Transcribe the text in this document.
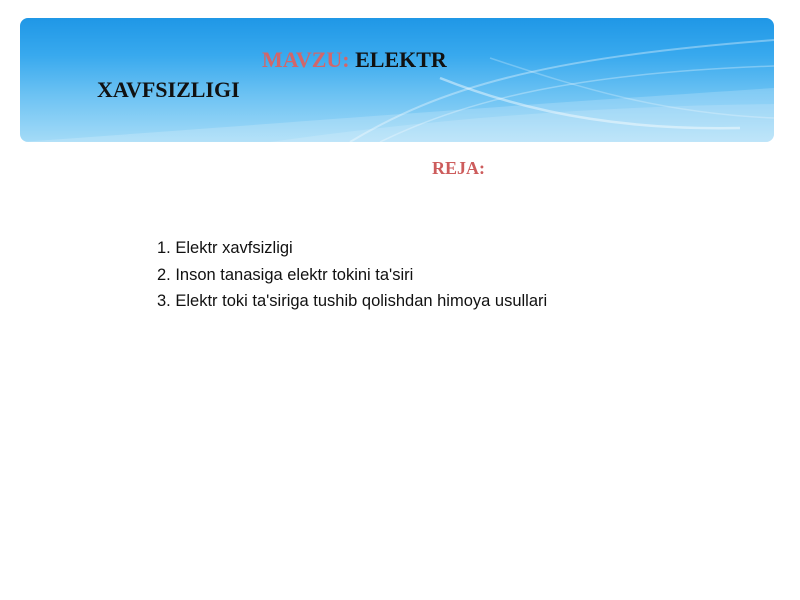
MAVZU: ELEKTR
XAVFSIZLIGI

REJA:

1. Elektr xavfsizligi
2. Inson tanasiga elektr tokini ta'siri
3. Elektr toki ta'siriga tushib qolishdan himoya usullari
